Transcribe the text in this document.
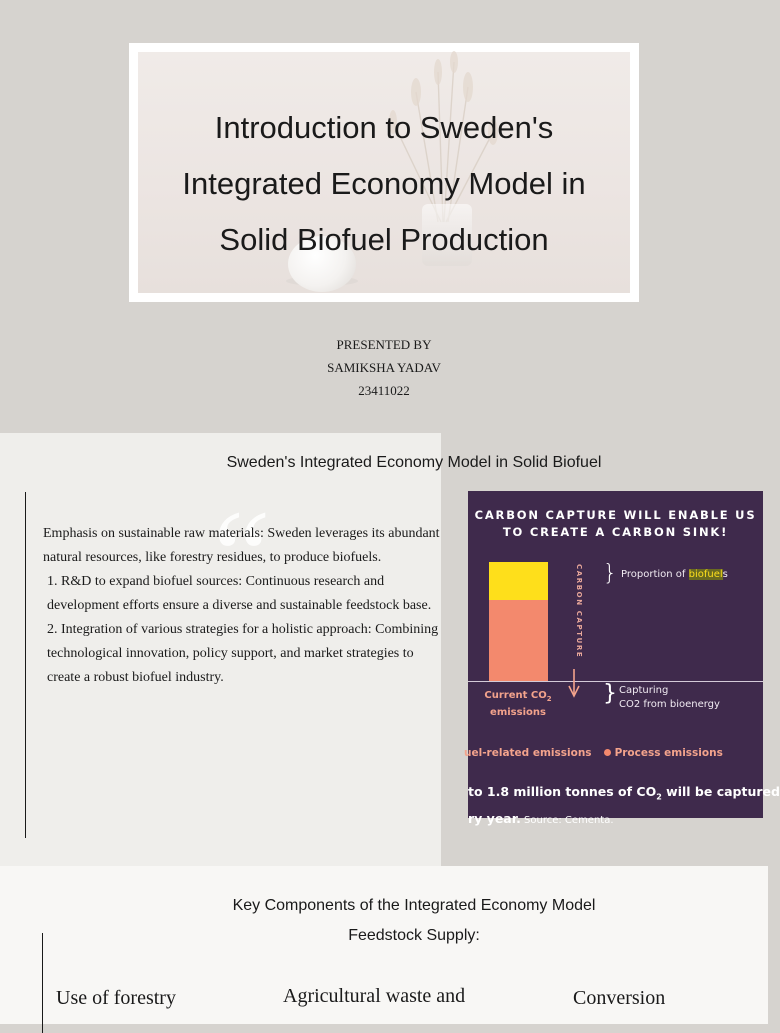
Introduction to Sweden's
Integrated Economy Model in
Solid Biofuel Production
PRESENTED BY
SAMIKSHA YADAV
23411022
Sweden's Integrated Economy Model in Solid Biofuel
“

Emphasis on sustainable raw materials: Sweden leverages its abundant natural resources, like forestry residues, to produce biofuels.

1. R&D to expand biofuel sources: Continuous research and development efforts ensure a diverse and sustainable feedstock base.

2. Integration of various strategies for a holistic approach: Combining technological innovation, policy support, and market strategies to create a robust biofuel industry.

CARBON CAPTURE WILL ENABLE US
TO CREATE A CARBON SINK!
CARBON CAPTURE } Proportion of biofuels
Current $CO_2$
emissions
} Capturing
CO2 from bioenergy
uel-related emissions Process emissions
to 1.8 million tonnes of $CO_2$ will be captured
ry year. Source: Cementa.
Key Components of the Integrated Economy Model
Feedstock Supply:
Use of forestry	Agricultural waste and	Conversion
